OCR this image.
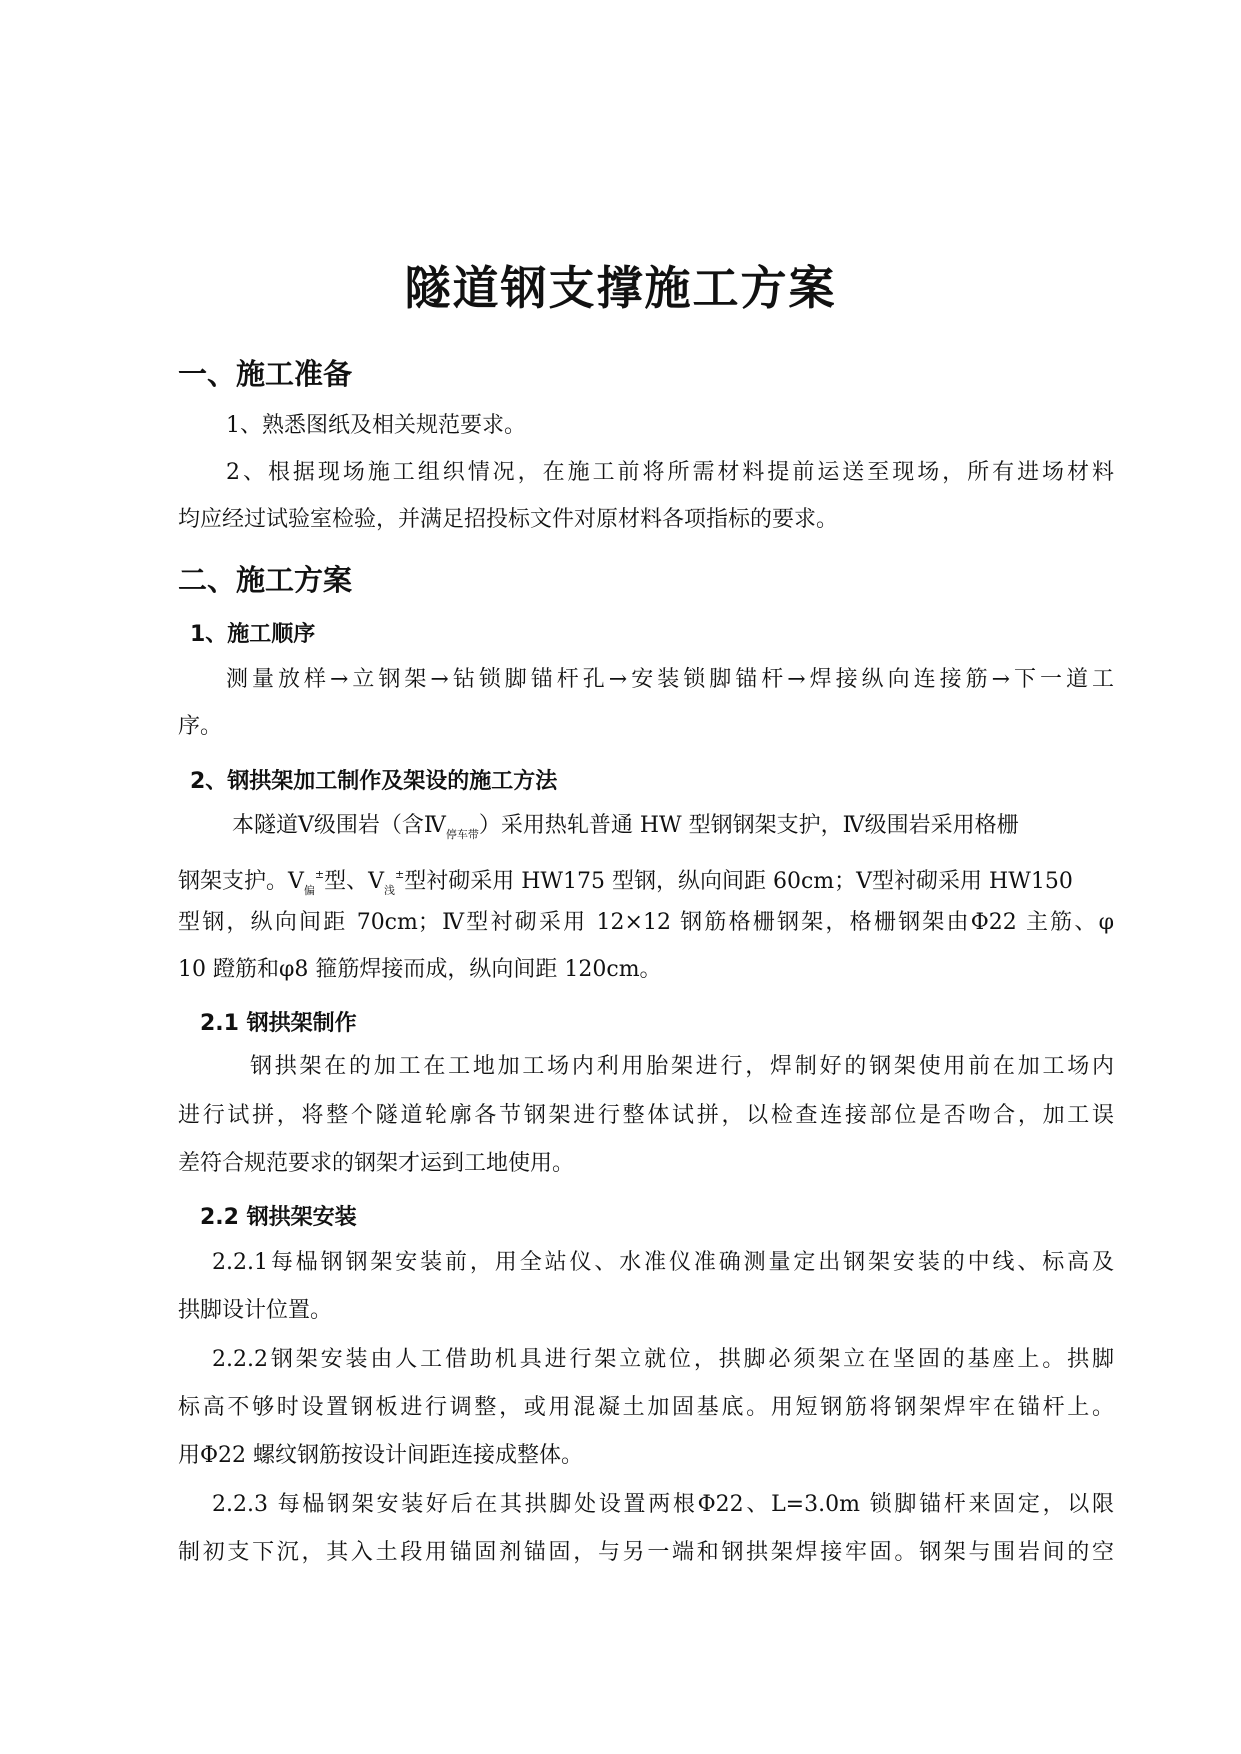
隧道钢支撑施工方案
一、施工准备
1、熟悉图纸及相关规范要求。
2、根据现场施工组织情况，在施工前将所需材料提前运送至现场，所有进场材料
均应经过试验室检验，并满足招投标文件对原材料各项指标的要求。
二、施工方案
1、施工顺序
测量放样→立钢架→钻锁脚锚杆孔→安装锁脚锚杆→焊接纵向连接筋→下一道工
序。
2、钢拱架加工制作及架设的施工方法
本隧道Ⅴ级围岩（含$Ⅳ_{停车带}$）采用热轧普通 HW 型钢钢架支护，Ⅳ级围岩采用格栅
钢架支护。$Ⅴ_偏^\pm$型、$Ⅴ_浅^\pm$型衬砌采用 HW175 型钢，纵向间距 60cm；Ⅴ型衬砌采用 HW150
型钢，纵向间距 70cm；Ⅳ型衬砌采用 12×12 钢筋格栅钢架，格栅钢架由Φ22 主筋、φ
10 蹬筋和φ8 箍筋焊接而成，纵向间距 120cm。
2.1 钢拱架制作
钢拱架在的加工在工地加工场内利用胎架进行，焊制好的钢架使用前在加工场内
进行试拼，将整个隧道轮廓各节钢架进行整体试拼，以检查连接部位是否吻合，加工误
差符合规范要求的钢架才运到工地使用。
2.2 钢拱架安装
2.2.1每榀钢钢架安装前，用全站仪、水准仪准确测量定出钢架安装的中线、标高及
拱脚设计位置。
2.2.2钢架安装由人工借助机具进行架立就位，拱脚必须架立在坚固的基座上。拱脚
标高不够时设置钢板进行调整，或用混凝土加固基底。用短钢筋将钢架焊牢在锚杆上。
用Φ22 螺纹钢筋按设计间距连接成整体。
2.2.3 每榀钢架安装好后在其拱脚处设置两根Φ22、L=3.0m 锁脚锚杆来固定，以限
制初支下沉，其入土段用锚固剂锚固，与另一端和钢拱架焊接牢固。钢架与围岩间的空
